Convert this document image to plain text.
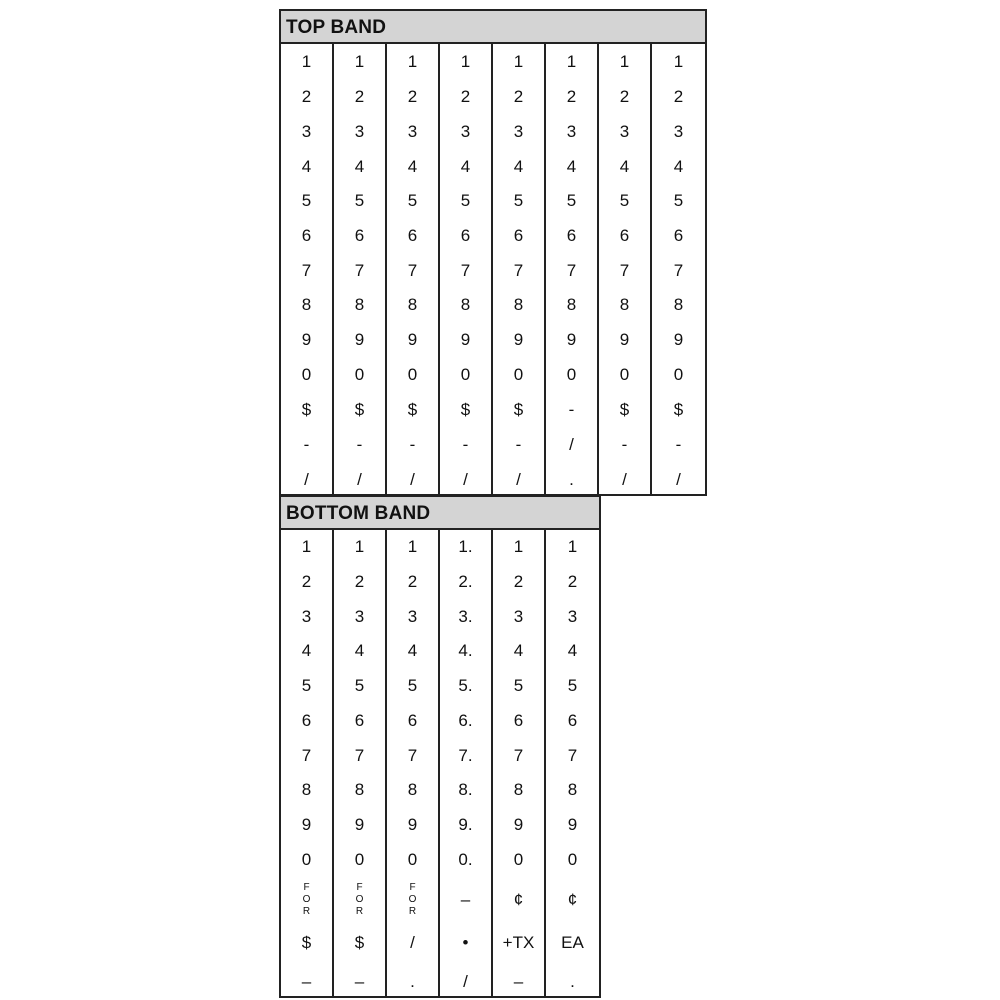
TOP BAND
1
2
3
4
5
6
7
8
9
0
$
-
/
1
2
3
4
5
6
7
8
9
0
$
-
/
1
2
3
4
5
6
7
8
9
0
$
-
/
1
2
3
4
5
6
7
8
9
0
$
-
/
1
2
3
4
5
6
7
8
9
0
$
-
/
1
2
3
4
5
6
7
8
9
0
-
/
.
1
2
3
4
5
6
7
8
9
0
$
-
/
1
2
3
4
5
6
7
8
9
0
$
-
/
BOTTOM BAND
1
2
3
4
5
6
7
8
9
0
FOR
$
–
1
2
3
4
5
6
7
8
9
0
FOR
$
–
1
2
3
4
5
6
7
8
9
0
FOR
/
.
1.
2.
3.
4.
5.
6.
7.
8.
9.
0.
–
•
/
1
2
3
4
5
6
7
8
9
0
¢
+TX
–
1
2
3
4
5
6
7
8
9
0
¢
EA
.
